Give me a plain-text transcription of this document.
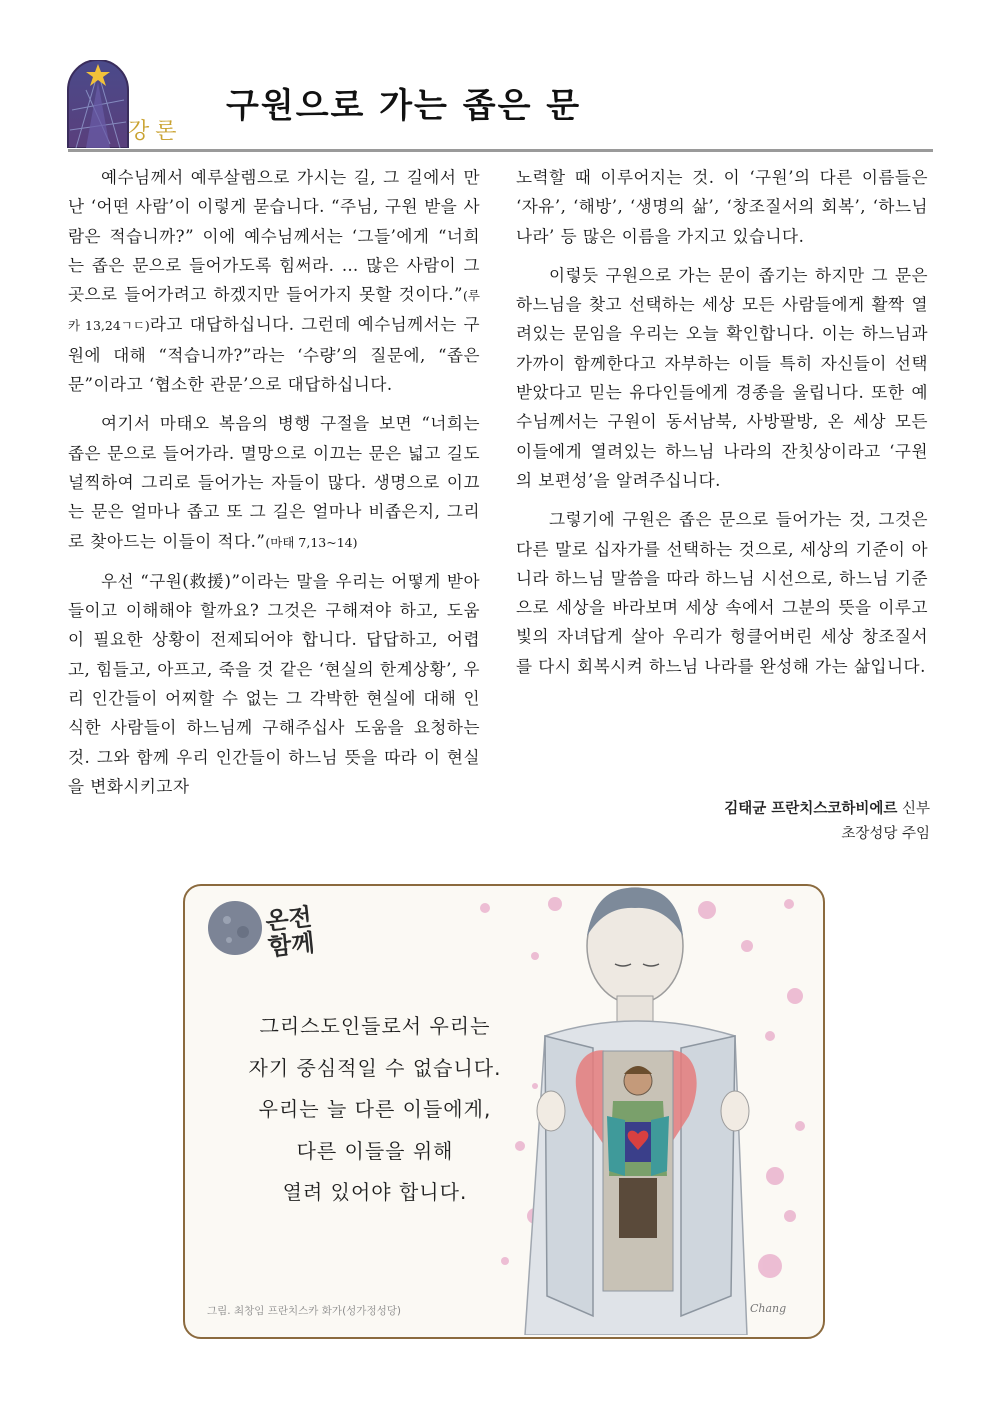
강론
구원으로 가는 좁은 문

예수님께서 예루살렘으로 가시는 길, 그 길에서 만난 ‘어떤 사람’이 이렇게 묻습니다. “주님, 구원 받을 사람은 적습니까?” 이에 예수님께서는 ‘그들’에게 “너희는 좁은 문으로 들어가도록 힘써라. … 많은 사람이 그곳으로 들어가려고 하겠지만 들어가지 못할 것이다.”(루카 13,24ㄱㄷ)라고 대답하십니다. 그런데 예수님께서는 구원에 대해 “적습니까?”라는 ‘수량’의 질문에, “좁은 문”이라고 ‘협소한 관문’으로 대답하십니다.

여기서 마태오 복음의 병행 구절을 보면 “너희는 좁은 문으로 들어가라. 멸망으로 이끄는 문은 넓고 길도 널찍하여 그리로 들어가는 자들이 많다. 생명으로 이끄는 문은 얼마나 좁고 또 그 길은 얼마나 비좁은지, 그리로 찾아드는 이들이 적다.”(마태 7,13~14)

우선 “구원(救援)”이라는 말을 우리는 어떻게 받아들이고 이해해야 할까요? 그것은 구해져야 하고, 도움이 필요한 상황이 전제되어야 합니다. 답답하고, 어렵고, 힘들고, 아프고, 죽을 것 같은 ‘현실의 한계상황’, 우리 인간들이 어찌할 수 없는 그 각박한 현실에 대해 인식한 사람들이 하느님께 구해주십사 도움을 요청하는 것. 그와 함께 우리 인간들이 하느님 뜻을 따라 이 현실을 변화시키고자

노력할 때 이루어지는 것. 이 ‘구원’의 다른 이름들은 ‘자유’, ‘해방’, ‘생명의 삶’, ‘창조질서의 회복’, ‘하느님 나라’ 등 많은 이름을 가지고 있습니다.

이렇듯 구원으로 가는 문이 좁기는 하지만 그 문은 하느님을 찾고 선택하는 세상 모든 사람들에게 활짝 열려있는 문임을 우리는 오늘 확인합니다. 이는 하느님과 가까이 함께한다고 자부하는 이들 특히 자신들이 선택받았다고 믿는 유다인들에게 경종을 울립니다. 또한 예수님께서는 구원이 동서남북, 사방팔방, 온 세상 모든 이들에게 열려있는 하느님 나라의 잔칫상이라고 ‘구원의 보편성’을 알려주십니다.

그렇기에 구원은 좁은 문으로 들어가는 것, 그것은 다른 말로 십자가를 선택하는 것으로, 세상의 기준이 아니라 하느님 말씀을 따라 하느님 시선으로, 하느님 기준으로 세상을 바라보며 세상 속에서 그분의 뜻을 이루고 빛의 자녀답게 살아 우리가 헝클어버린 세상 창조질서를 다시 회복시켜 하느님 나라를 완성해 가는 삶입니다.

김태균 프란치스코하비에르 신부
초장성당 주임
온전 함께
그리스도인들로서 우리는
자기 중심적일 수 없습니다.
우리는 늘 다른 이들에게,
다른 이들을 위해
열려 있어야 합니다.
그림. 최창임 프란치스카 화가(성가정성당)	Chang
